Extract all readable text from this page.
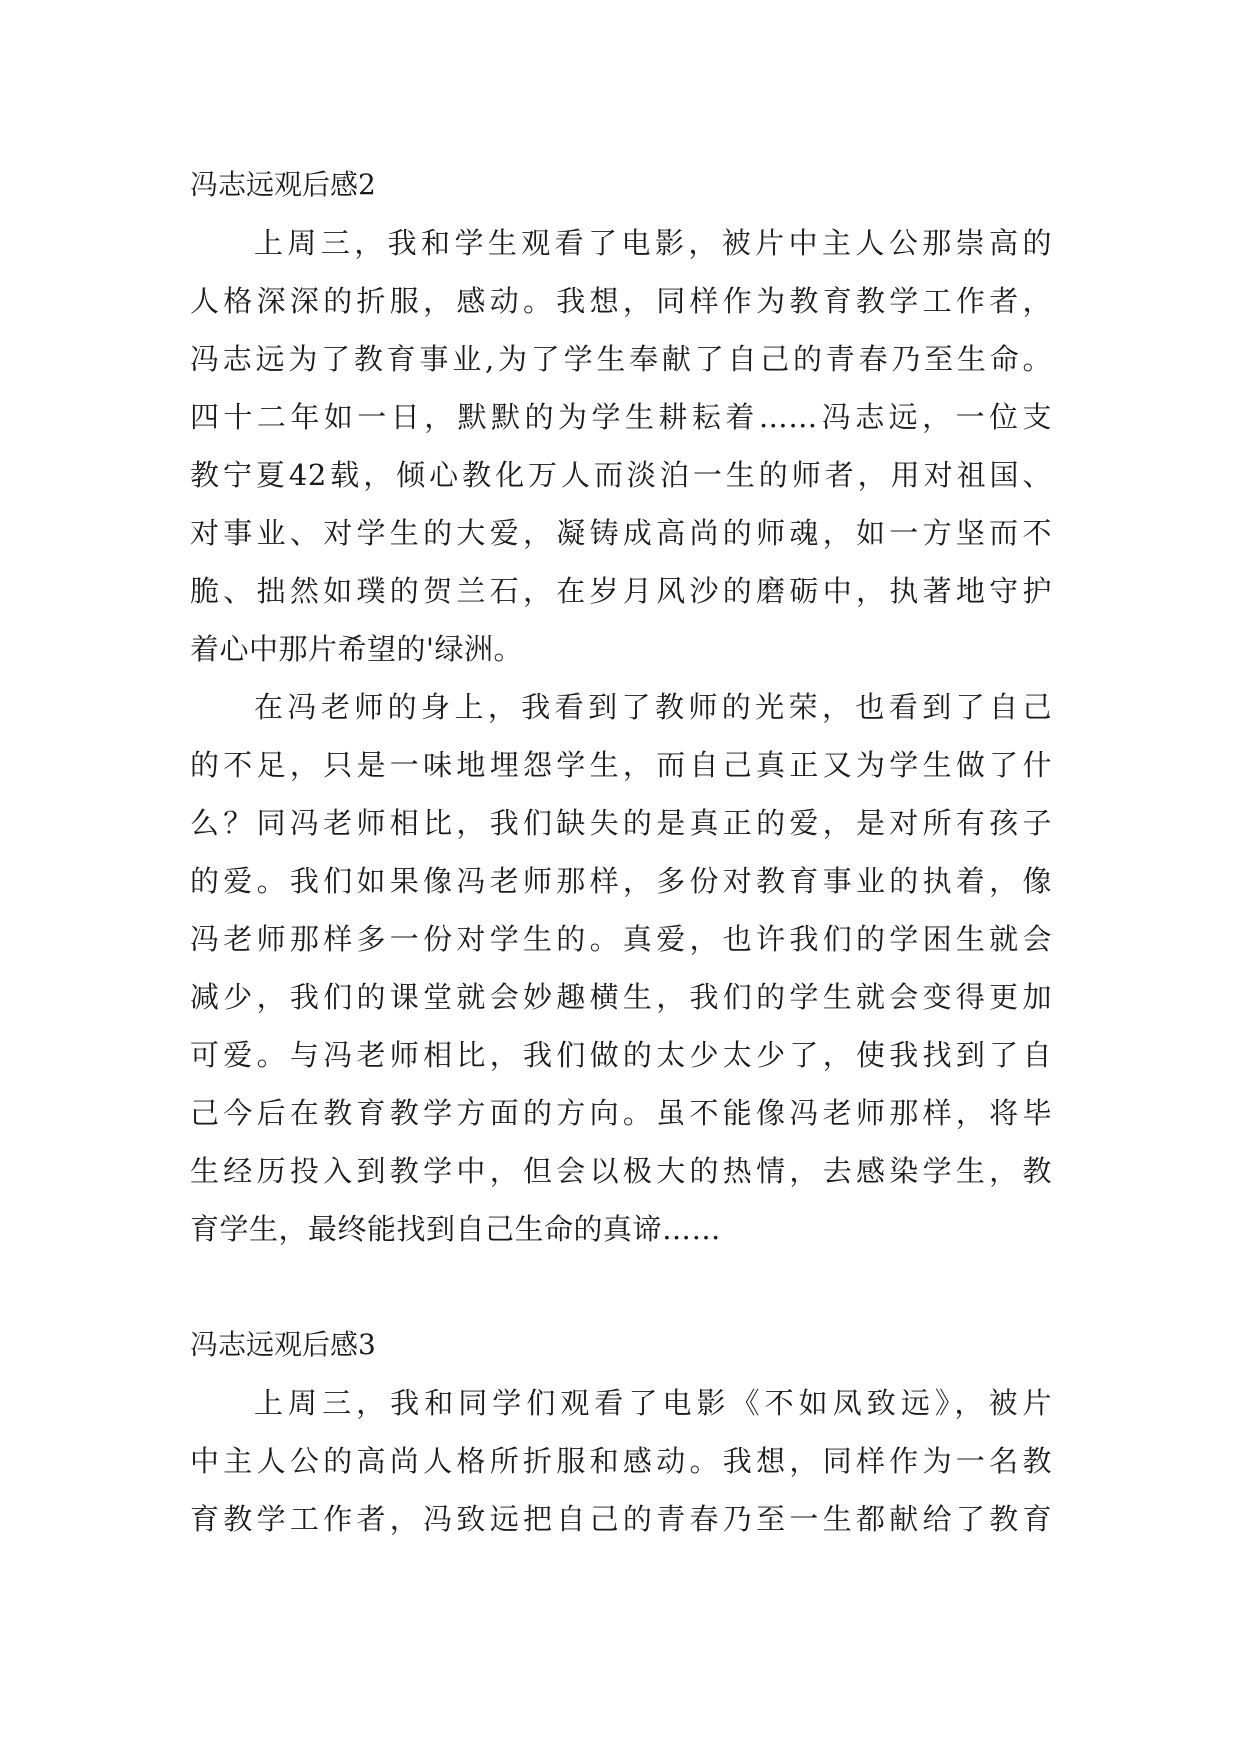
冯志远观后感2
上周三，我和学生观看了电影，被片中主人公那崇高的
人格深深的折服，感动。我想，同样作为教育教学工作者，
冯志远为了教育事业,为了学生奉献了自己的青春乃至生命。
四十二年如一日，默默的为学生耕耘着……冯志远，一位支
教宁夏42载，倾心教化万人而淡泊一生的师者，用对祖国、
对事业、对学生的大爱，凝铸成高尚的师魂，如一方坚而不
脆、拙然如璞的贺兰石，在岁月风沙的磨砺中，执著地守护
着心中那片希望的'绿洲。
在冯老师的身上，我看到了教师的光荣，也看到了自己
的不足，只是一味地埋怨学生，而自己真正又为学生做了什
么？同冯老师相比，我们缺失的是真正的爱，是对所有孩子
的爱。我们如果像冯老师那样，多份对教育事业的执着，像
冯老师那样多一份对学生的。真爱，也许我们的学困生就会
减少，我们的课堂就会妙趣横生，我们的学生就会变得更加
可爱。与冯老师相比，我们做的太少太少了，使我找到了自
己今后在教育教学方面的方向。虽不能像冯老师那样，将毕
生经历投入到教学中，但会以极大的热情，去感染学生，教
育学生，最终能找到自己生命的真谛……
冯志远观后感3
上周三，我和同学们观看了电影《不如凤致远》，被片
中主人公的高尚人格所折服和感动。我想，同样作为一名教
育教学工作者，冯致远把自己的青春乃至一生都献给了教育
